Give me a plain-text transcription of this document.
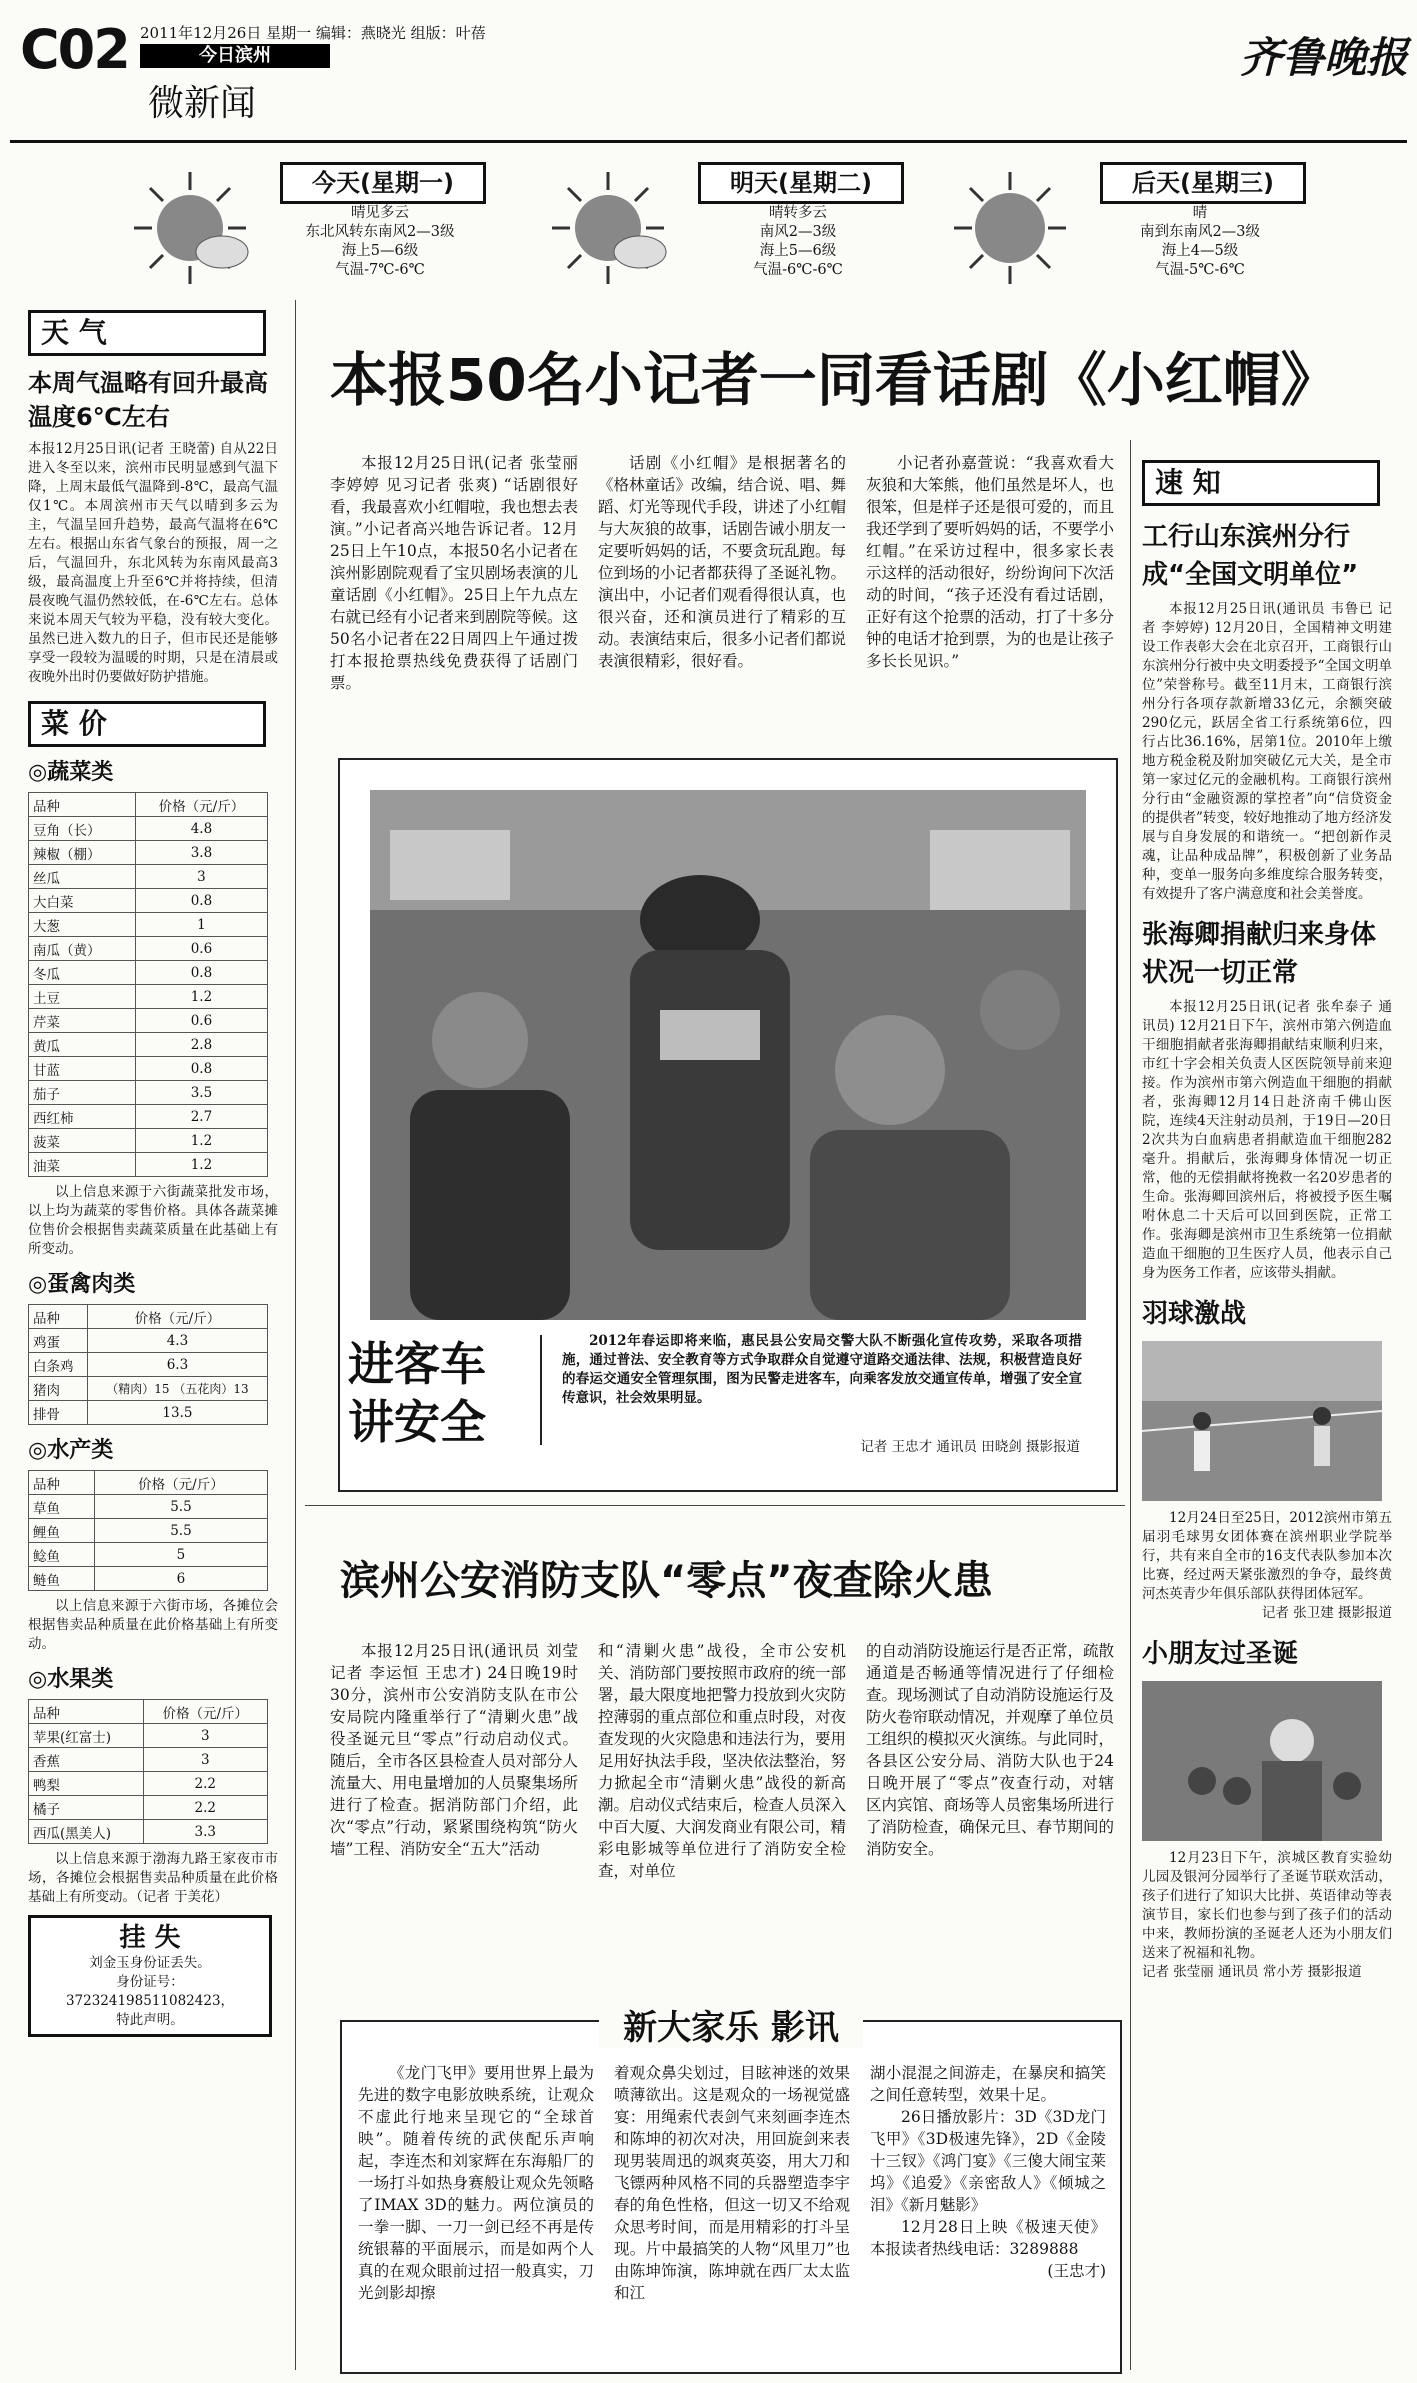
C02 2011年12月26日 星期一 编辑：燕晓光 组版：叶蓓
今日滨州
微新闻
齐鲁晚报
今天(星期一)
晴见多云
东北风转东南风2—3级
海上5—6级
气温-7℃-6℃
明天(星期二)
晴转多云
南风2—3级
海上5—6级
气温-6℃-6℃
后天(星期三)
晴
南到东南风2—3级
海上4—5级
气温-5℃-6℃
天 气
本周气温略有回升最高温度6℃左右
本报12月25日讯(记者 王晓蕾) 自从22日进入冬至以来，滨州市民明显感到气温下降，上周末最低气温降到-8℃，最高气温仅1℃。本周滨州市天气以晴到多云为主，气温呈回升趋势，最高气温将在6℃左右。根据山东省气象台的预报，周一之后，气温回升，东北风转为东南风最高3级，最高温度上升至6℃并将持续，但清晨夜晚气温仍然较低，在-6℃左右。总体来说本周天气较为平稳，没有较大变化。虽然已进入数九的日子，但市民还是能够享受一段较为温暖的时期，只是在清晨或夜晚外出时仍要做好防护措施。
菜 价
◎蔬菜类
品种	价格（元/斤）
豆角（长）	4.8
辣椒（棚）	3.8
丝瓜	3
大白菜	0.8
大葱	1
南瓜（黄）	0.6
冬瓜	0.8
土豆	1.2
芹菜	0.6
黄瓜	2.8
甘蓝	0.8
茄子	3.5
西红柿	2.7
菠菜	1.2
油菜	1.2
以上信息来源于六街蔬菜批发市场，以上均为蔬菜的零售价格。具体各蔬菜摊位售价会根据售卖蔬菜质量在此基础上有所变动。
◎蛋禽肉类
品种	价格（元/斤）
鸡蛋	4.3
白条鸡	6.3
猪肉	（精肉）15 （五花肉）13
排骨	13.5
◎水产类
品种	价格（元/斤）
草鱼	5.5
鲤鱼	5.5
鲶鱼	5
鲢鱼	6
以上信息来源于六街市场，各摊位会根据售卖品种质量在此价格基础上有所变动。
◎水果类
品种	价格（元/斤）
苹果(红富士)	3
香蕉	3
鸭梨	2.2
橘子	2.2
西瓜(黑美人)	3.3
以上信息来源于渤海九路王家夜市市场，各摊位会根据售卖品种质量在此价格基础上有所变动。（记者 于美花）
挂 失
刘金玉身份证丢失。
身份证号：
372324198511082423，
特此声明。
本报50名小记者一同看话剧《小红帽》
本报12月25日讯(记者 张莹丽 李婷婷 见习记者 张爽) “话剧很好看，我最喜欢小红帽啦，我也想去表演。”小记者高兴地告诉记者。12月25日上午10点，本报50名小记者在滨州影剧院观看了宝贝剧场表演的儿童话剧《小红帽》。25日上午九点左右就已经有小记者来到剧院等候。这50名小记者在22日周四上午通过拨打本报抢票热线免费获得了话剧门票。
话剧《小红帽》是根据著名的《格林童话》改编，结合说、唱、舞蹈、灯光等现代手段，讲述了小红帽与大灰狼的故事，话剧告诫小朋友一定要听妈妈的话，不要贪玩乱跑。每位到场的小记者都获得了圣诞礼物。演出中，小记者们观看得很认真，也很兴奋，还和演员进行了精彩的互动。表演结束后，很多小记者们都说表演很精彩，很好看。
小记者孙嘉萱说：“我喜欢看大灰狼和大笨熊，他们虽然是坏人，也很笨，但是样子还是很可爱的，而且我还学到了要听妈妈的话，不要学小红帽。”在采访过程中，很多家长表示这样的活动很好，纷纷询问下次活动的时间，“孩子还没有看过话剧，正好有这个抢票的活动，打了十多分钟的电话才抢到票，为的也是让孩子多长长见识。”
进客车
讲安全
2012年春运即将来临，惠民县公安局交警大队不断强化宣传攻势，采取各项措施，通过普法、安全教育等方式争取群众自觉遵守道路交通法律、法规，积极营造良好的春运交通安全管理氛围，图为民警走进客车，向乘客发放交通宣传单，增强了安全宣传意识，社会效果明显。
记者 王忠才 通讯员 田晓剑 摄影报道
滨州公安消防支队“零点”夜查除火患
本报12月25日讯(通讯员 刘莹 记者 李运恒 王忠才) 24日晚19时30分，滨州市公安消防支队在市公安局院内隆重举行了“清剿火患”战役圣诞元旦“零点”行动启动仪式。随后，全市各区县检查人员对部分人流量大、用电量增加的人员聚集场所进行了检查。据消防部门介绍，此次“零点”行动，紧紧围绕构筑“防火墙”工程、消防安全“五大”活动
和“清剿火患”战役，全市公安机关、消防部门要按照市政府的统一部署，最大限度地把警力投放到火灾防控薄弱的重点部位和重点时段，对夜查发现的火灾隐患和违法行为，要用足用好执法手段，坚决依法整治，努力掀起全市“清剿火患”战役的新高潮。启动仪式结束后，检查人员深入中百大厦、大润发商业有限公司，精彩电影城等单位进行了消防安全检查，对单位
的自动消防设施运行是否正常，疏散通道是否畅通等情况进行了仔细检查。现场测试了自动消防设施运行及防火卷帘联动情况，并观摩了单位员工组织的模拟灭火演练。与此同时，各县区公安分局、消防大队也于24日晚开展了“零点”夜查行动，对辖区内宾馆、商场等人员密集场所进行了消防检查，确保元旦、春节期间的消防安全。
新大家乐 影讯
《龙门飞甲》要用世界上最为先进的数字电影放映系统，让观众不虚此行地来呈现它的“全球首映”。随着传统的武侠配乐声响起，李连杰和刘家辉在东海船厂的一场打斗如热身赛般让观众先领略了IMAX 3D的魅力。两位演员的一拳一脚、一刀一剑已经不再是传统银幕的平面展示，而是如两个人真的在观众眼前过招一般真实，刀光剑影却擦
着观众鼻尖划过，目眩神迷的效果喷薄欲出。这是观众的一场视觉盛宴：用绳索代表剑气来刻画李连杰和陈坤的初次对决，用回旋剑来表现男装周迅的飒爽英姿，用大刀和飞镖两种风格不同的兵器塑造李宇春的角色性格，但这一切又不给观众思考时间，而是用精彩的打斗呈现。片中最搞笑的人物“风里刀”也由陈坤饰演，陈坤就在西厂太太监和江
湖小混混之间游走，在暴戾和搞笑之间任意转型，效果十足。
26日播放影片：3D《3D龙门飞甲》《3D极速先锋》，2D《金陵十三钗》《鸿门宴》《三傻大闹宝莱坞》《追爱》《亲密敌人》《倾城之泪》《新月魅影》
12月28日上映《极速天使》本报读者热线电话：3289888
(王忠才)
速 知
工行山东滨州分行成“全国文明单位”
本报12月25日讯(通讯员 韦鲁已 记者 李婷婷) 12月20日，全国精神文明建设工作表彰大会在北京召开，工商银行山东滨州分行被中央文明委授予“全国文明单位”荣誉称号。截至11月末，工商银行滨州分行各项存款新增33亿元，余额突破290亿元，跃居全省工行系统第6位，四行占比36.16%，居第1位。2010年上缴地方税金税及附加突破亿元大关，是全市第一家过亿元的金融机构。工商银行滨州分行由“金融资源的掌控者”向“信贷资金的提供者”转变，较好地推动了地方经济发展与自身发展的和谐统一。“把创新作灵魂，让品种成品牌”，积极创新了业务品种，变单一服务向多维度综合服务转变，有效提升了客户满意度和社会美誉度。
张海卿捐献归来身体状况一切正常
本报12月25日讯(记者 张牟泰子 通讯员) 12月21日下午，滨州市第六例造血干细胞捐献者张海卿捐献结束顺利归来，市红十字会相关负责人区医院领导前来迎接。作为滨州市第六例造血干细胞的捐献者，张海卿12月14日赴济南千佛山医院，连续4天注射动员剂，于19日—20日2次共为白血病患者捐献造血干细胞282毫升。捐献后，张海卿身体情况一切正常，他的无偿捐献将挽救一名20岁患者的生命。张海卿回滨州后，将被授予医生嘱咐休息二十天后可以回到医院，正常工作。张海卿是滨州市卫生系统第一位捐献造血干细胞的卫生医疗人员，他表示自己身为医务工作者，应该带头捐献。
羽球激战
12月24日至25日，2012滨州市第五届羽毛球男女团体赛在滨州职业学院举行，共有来自全市的16支代表队参加本次比赛，经过两天紧张激烈的争夺，最终黄河杰英青少年俱乐部队获得团体冠军。
记者 张卫建 摄影报道
小朋友过圣诞
12月23日下午，滨城区教育实验幼儿园及银河分园举行了圣诞节联欢活动，孩子们进行了知识大比拼、英语律动等表演节目，家长们也参与到了孩子们的活动中来，教师扮演的圣诞老人还为小朋友们送来了祝福和礼物。
记者 张莹丽 通讯员 常小芳 摄影报道
